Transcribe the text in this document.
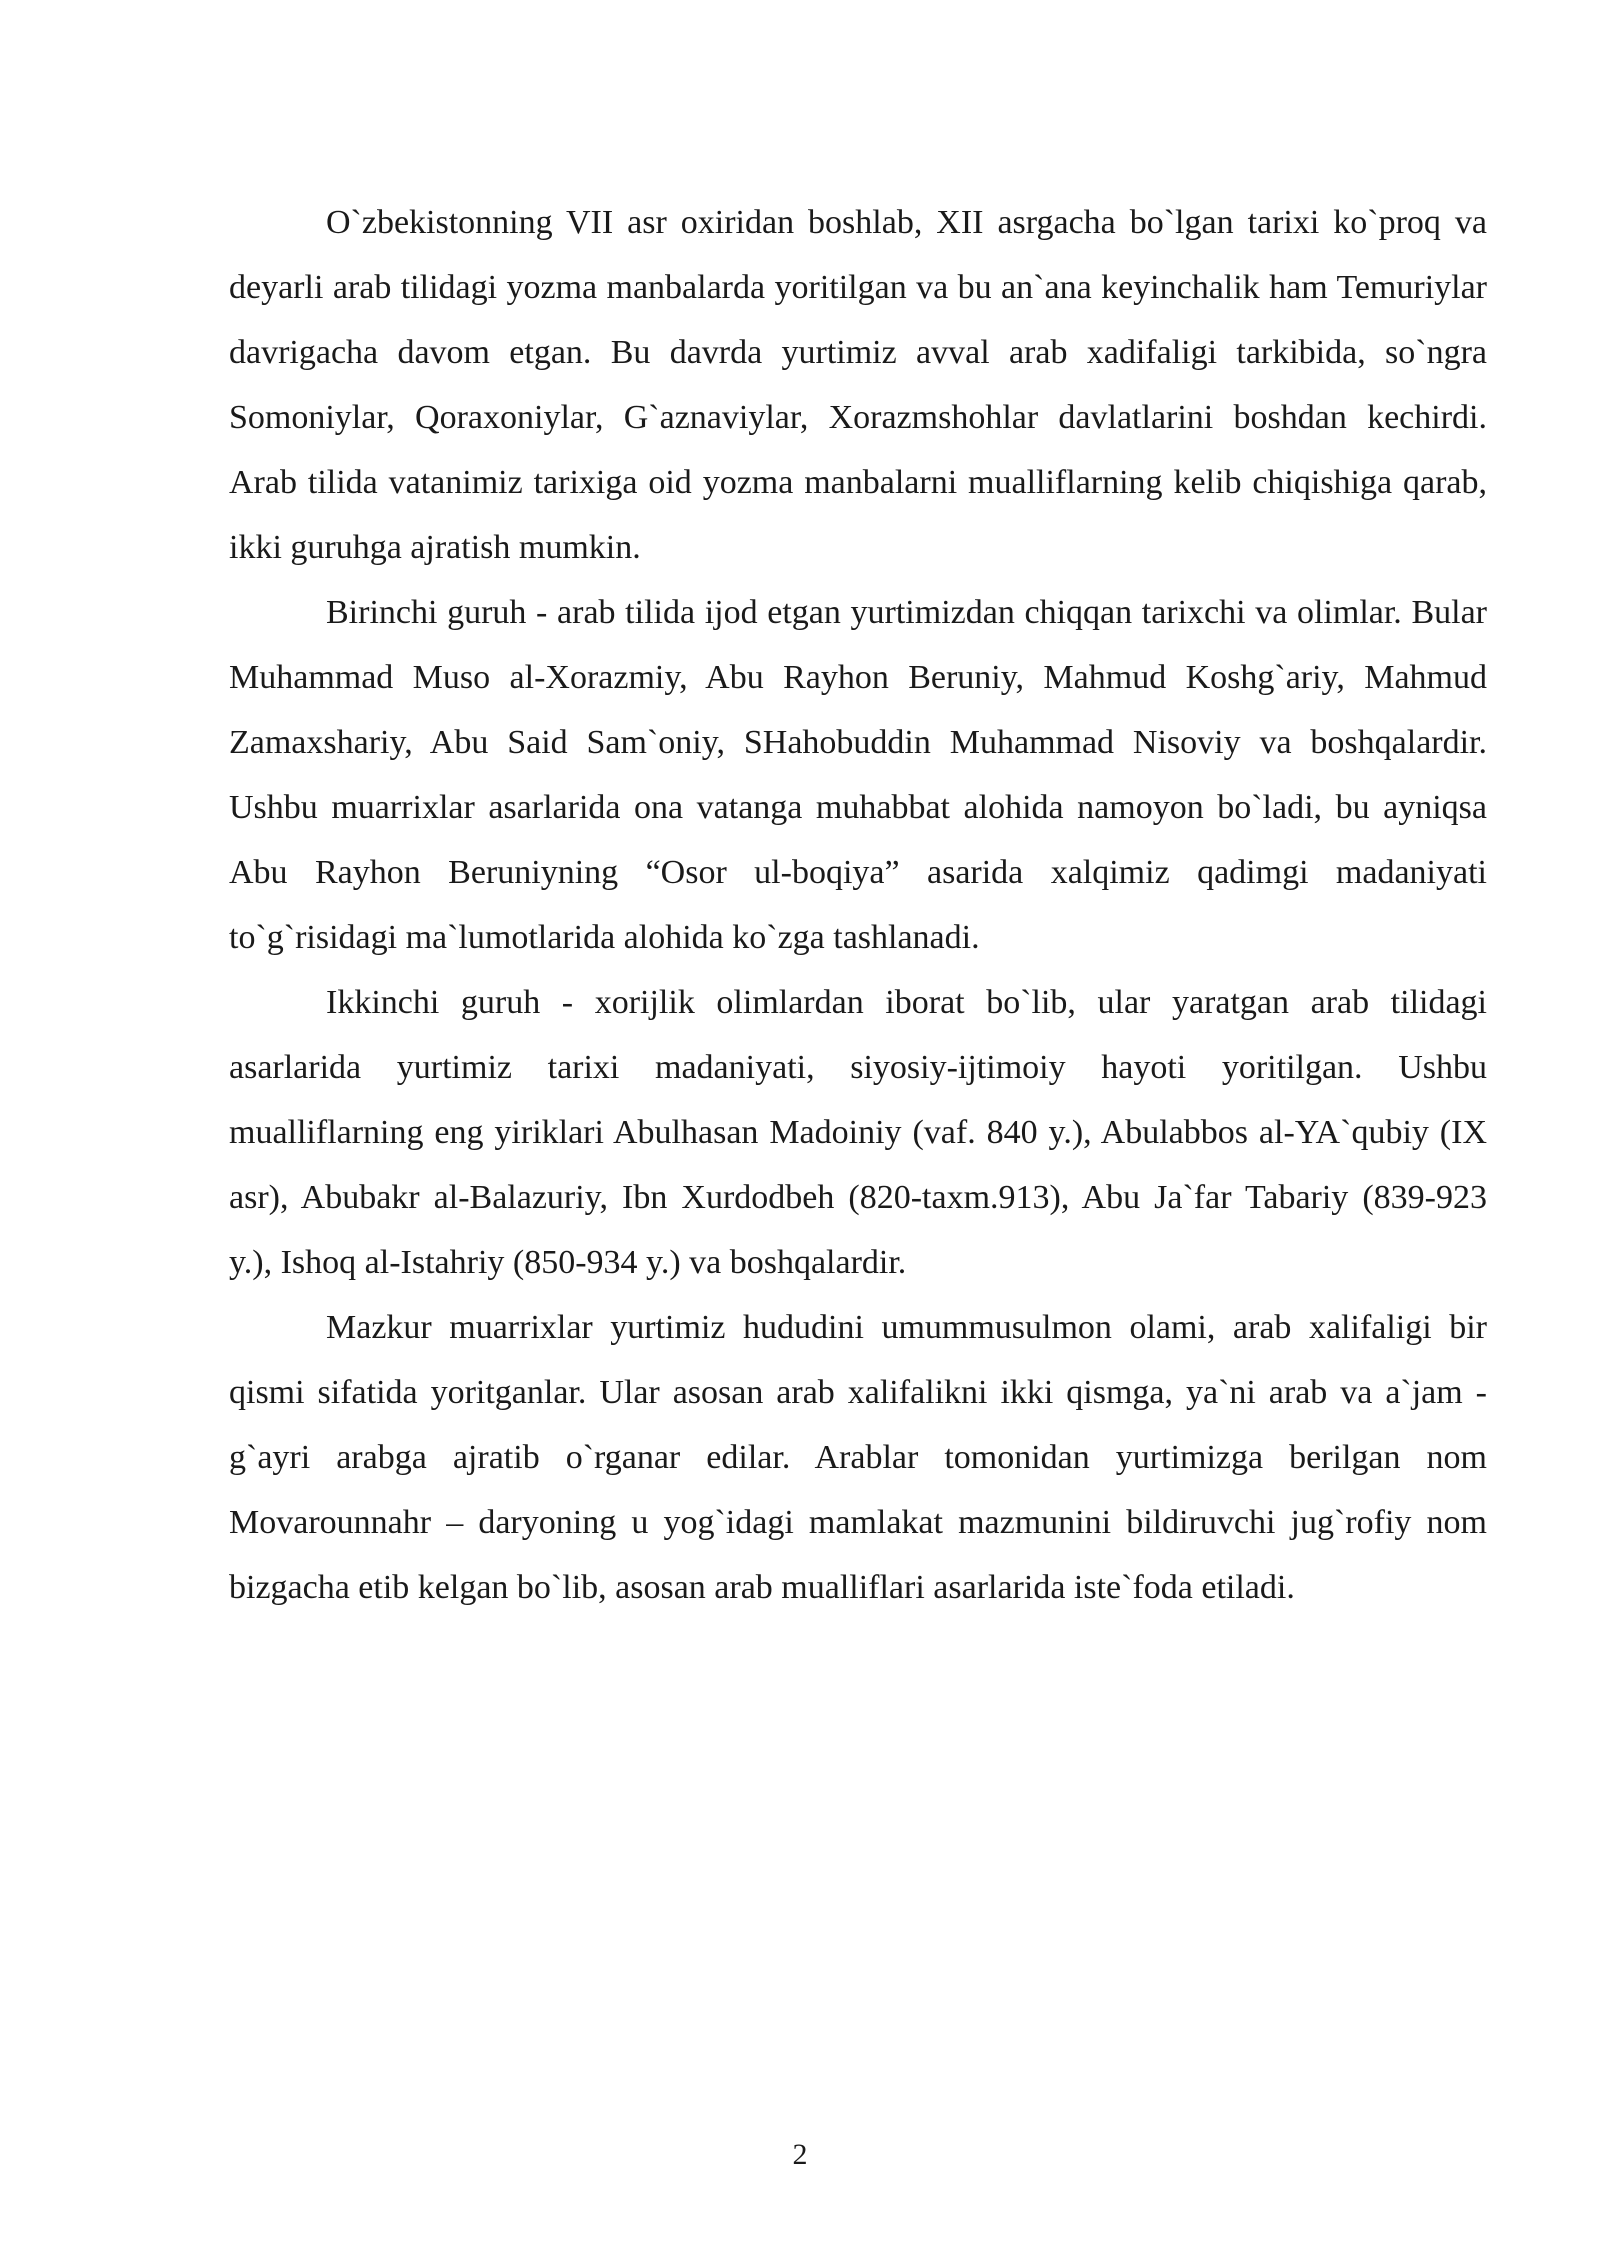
O`zbekistonning VII asr oxiridan boshlab, XII asrgacha bo`lgan tarixi ko`proq va deyarli arab tilidagi yozma manbalarda yoritilgan va bu an`ana keyinchalik ham Temuriylar davrigacha davom etgan. Bu davrda yurtimiz avval arab xadifaligi tarkibida, so`ngra Somoniylar, Qoraxoniylar, G`aznaviylar, Xorazmshohlar davlatlarini boshdan kechirdi. Arab tilida vatanimiz tarixiga oid yozma manbalarni mualliflarning kelib chiqishiga qarab, ikki guruhga ajratish mumkin.

Birinchi guruh - arab tilida ijod etgan yurtimizdan chiqqan tarixchi va olimlar. Bular Muhammad Muso al-Xorazmiy, Abu Rayhon Beruniy, Mahmud Koshg`ariy, Mahmud Zamaxshariy, Abu Said Sam`oniy, SHahobuddin Muhammad Nisoviy va boshqalardir. Ushbu muarrixlar asarlarida ona vatanga muhabbat alohida namoyon bo`ladi, bu ayniqsa Abu Rayhon Beruniyning “Osor ul-boqiya” asarida xalqimiz qadimgi madaniyati to`g`risidagi ma`lumotlarida alohida ko`zga tashlanadi.

Ikkinchi guruh - xorijlik olimlardan iborat bo`lib, ular yaratgan arab tilidagi asarlarida yurtimiz tarixi madaniyati, siyosiy-ijtimoiy hayoti yoritilgan. Ushbu mualliflarning eng yiriklari Abulhasan Madoiniy (vaf. 840 y.), Abulabbos al-YA`qubiy (IX asr), Abubakr al-Balazuriy, Ibn Xurdodbeh (820-taxm.913), Abu Ja`far Tabariy (839-923 y.), Ishoq al-Istahriy (850-934 y.) va boshqalardir.

Mazkur muarrixlar yurtimiz hududini umummusulmon olami, arab xalifaligi bir qismi sifatida yoritganlar. Ular asosan arab xalifalikni ikki qismga, ya`ni arab va a`jam - g`ayri arabga ajratib o`rganar edilar. Arablar tomonidan yurtimizga berilgan nom Movarounnahr – daryoning u yog`idagi mamlakat mazmunini bildiruvchi jug`rofiy nom bizgacha etib kelgan bo`lib, asosan arab mualliflari asarlarida iste`foda etiladi.

2
